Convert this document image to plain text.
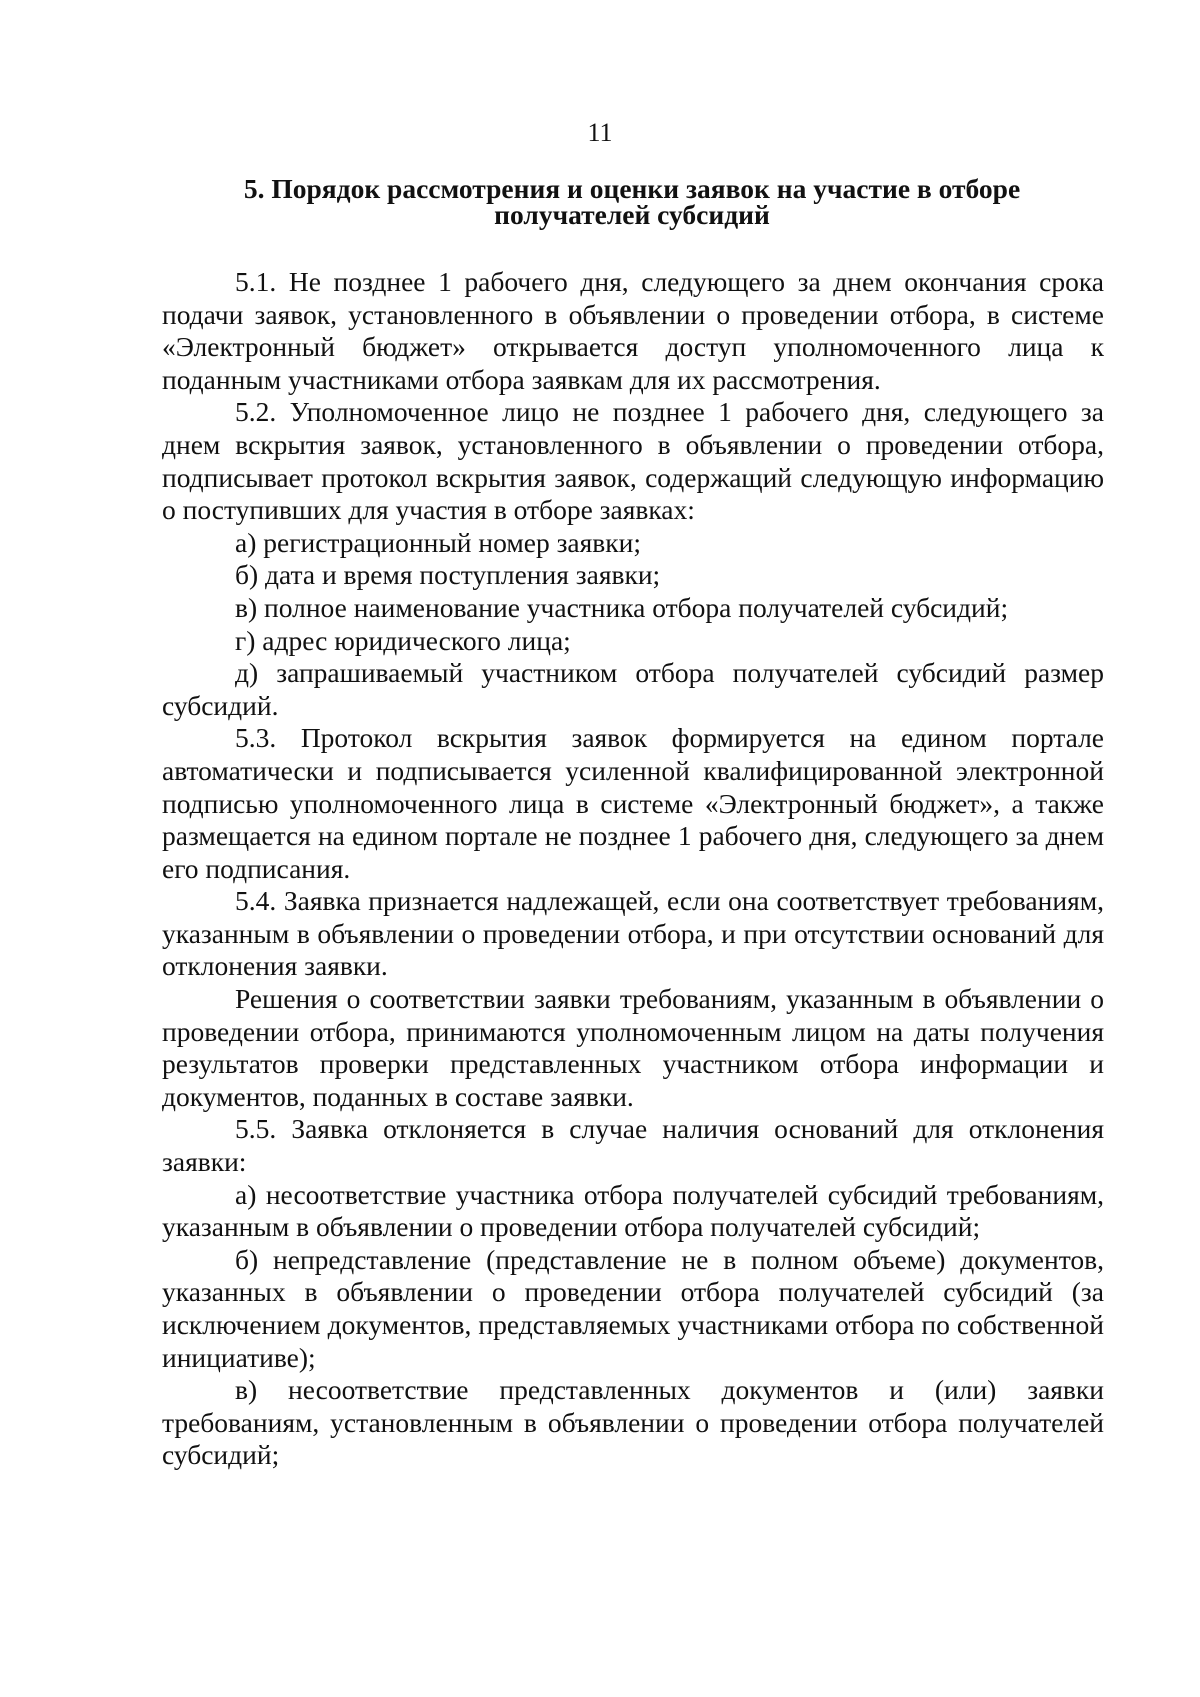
11
5. Порядок рассмотрения и оценки заявок на участие в отборе
получателей субсидий

5.1. Не позднее 1 рабочего дня, следующего за днем окончания срока подачи заявок, установленного в объявлении о проведении отбора, в системе «Электронный бюджет» открывается доступ уполномоченного лица к поданным участниками отбора заявкам для их рассмотрения.

5.2. Уполномоченное лицо не позднее 1 рабочего дня, следующего за днем вскрытия заявок, установленного в объявлении о проведении отбора, подписывает протокол вскрытия заявок, содержащий следующую информацию о поступивших для участия в отборе заявках:

а) регистрационный номер заявки;

б) дата и время поступления заявки;

в) полное наименование участника отбора получателей субсидий;

г) адрес юридического лица;

д) запрашиваемый участником отбора получателей субсидий размер субсидий.

5.3. Протокол вскрытия заявок формируется на едином портале автоматически и подписывается усиленной квалифицированной электронной подписью уполномоченного лица в системе «Электронный бюджет», а также размещается на едином портале не позднее 1 рабочего дня, следующего за днем его подписания.

5.4. Заявка признается надлежащей, если она соответствует требованиям, указанным в объявлении о проведении отбора, и при отсутствии оснований для отклонения заявки.

Решения о соответствии заявки требованиям, указанным в объявлении о проведении отбора, принимаются уполномоченным лицом на даты получения результатов проверки представленных участником отбора информации и документов, поданных в составе заявки.

5.5. Заявка отклоняется в случае наличия оснований для отклонения заявки:

а) несоответствие участника отбора получателей субсидий требованиям, указанным в объявлении о проведении отбора получателей субсидий;

б) непредставление (представление не в полном объеме) документов, указанных в объявлении о проведении отбора получателей субсидий (за исключением документов, представляемых участниками отбора по собственной инициативе);

в) несоответствие представленных документов и (или) заявки требованиям, установленным в объявлении о проведении отбора получателей субсидий;
